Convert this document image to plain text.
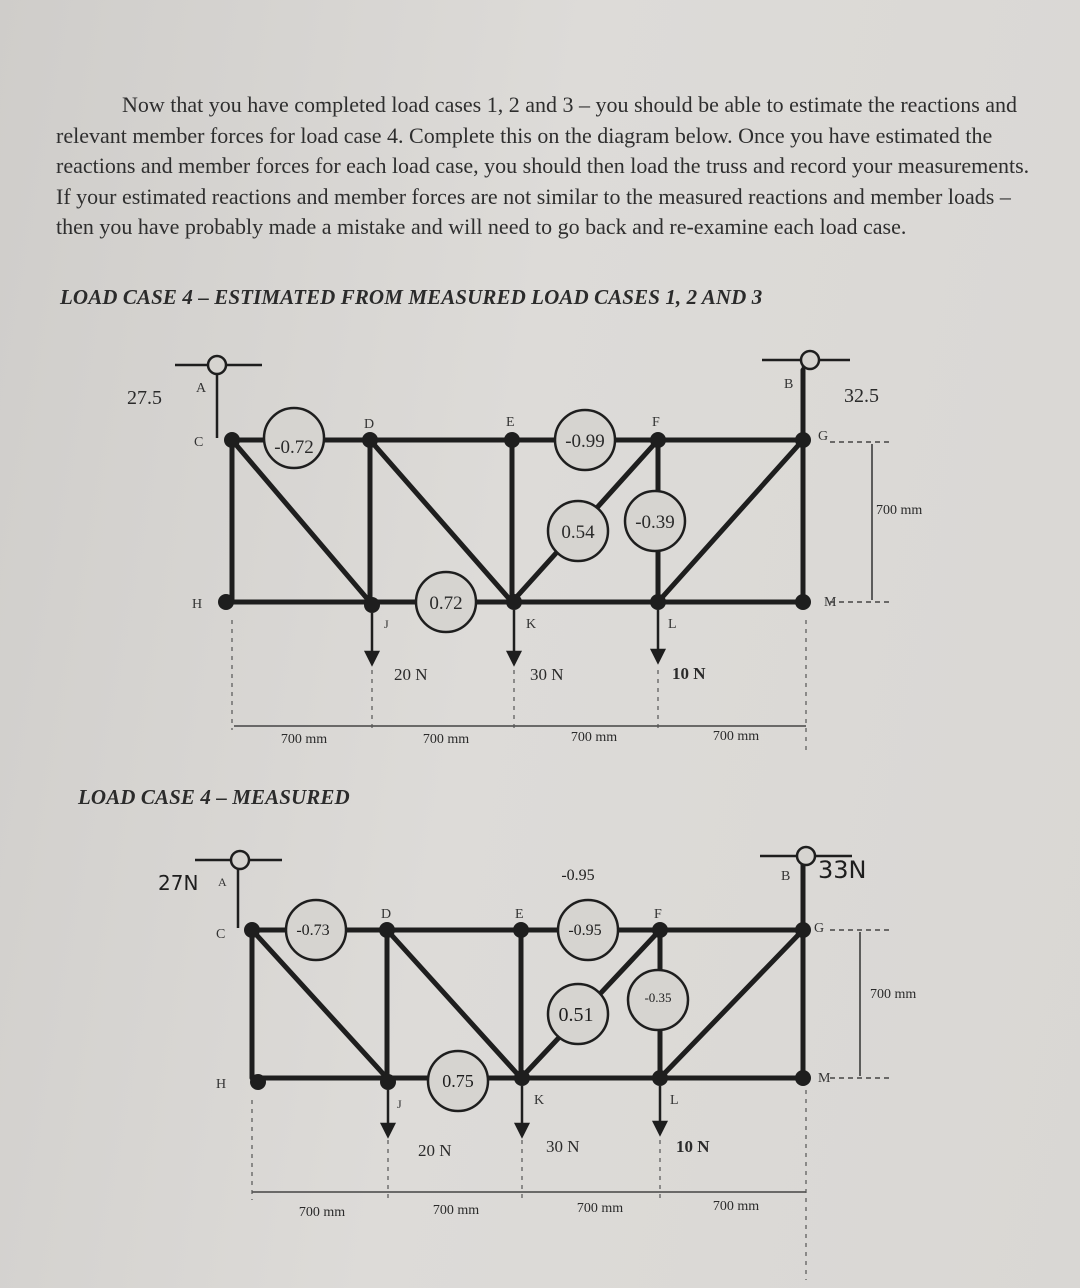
Now that you have completed load cases 1, 2 and 3 – you should be able to estimate the reactions and relevant member forces for load case 4. Complete this on the diagram below. Once you have estimated the reactions and member forces for each load case, you should then load the truss and record your measurements. If your estimated reactions and member forces are not similar to the measured reactions and member loads – then you have probably made a mistake and will need to go back and re-examine each load case.

LOAD CASE 4 – ESTIMATED FROM MEASURED LOAD CASES 1, 2 AND 3
-0.72	-0.99
0.54 -0.39
0.72
A	B
C
D	E	F
G
H
J	K	L
M
27.5	32.5
20 N	30 N	10 N
700 mm
700 mm	700 mm	700 mm	700 mm
LOAD CASE 4 – MEASURED
-0.73	-0.95
-0.95
0.51
-0.35
0.75
A	B
C
D	E	F
G
H
J	K	L
M
27N	33N
20 N	30 N	10 N
700 mm
700 mm	700 mm	700 mm	700 mm
